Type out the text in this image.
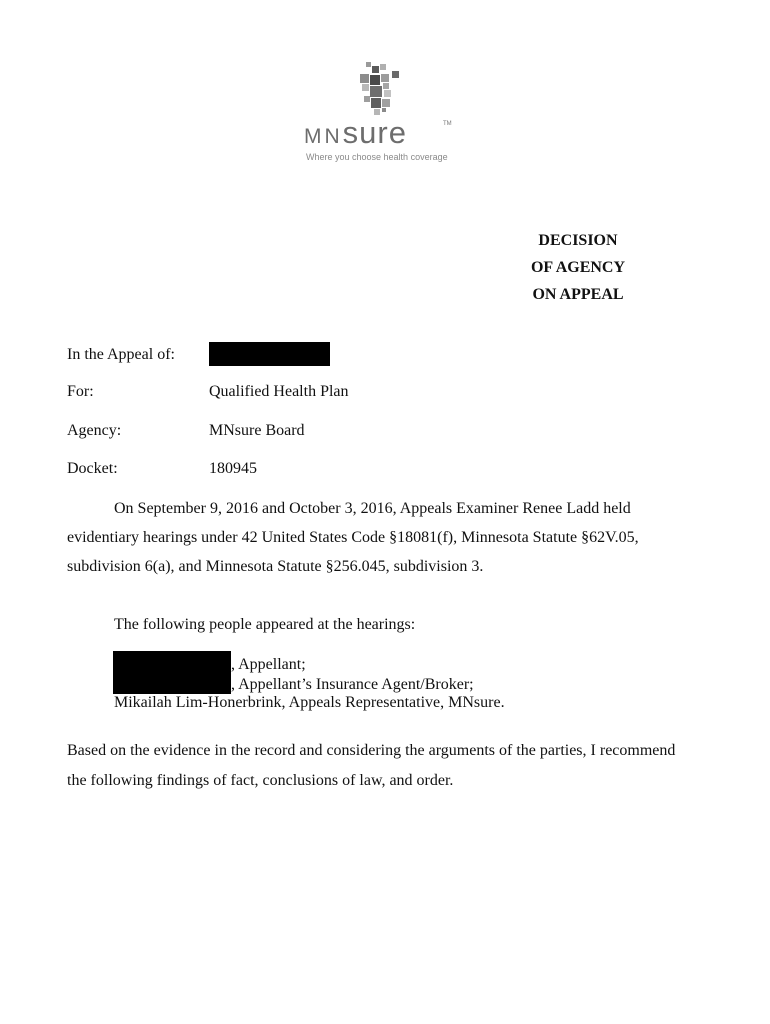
MNsure	TM
Where you choose health coverage
DECISION
OF AGENCY
ON APPEAL
In the Appeal of:
For:	Qualified Health Plan
Agency:	MNsure Board
Docket:	180945
On September 9, 2016 and October 3, 2016, Appeals Examiner Renee Ladd held
evidentiary hearings under 42 United States Code §18081(f), Minnesota Statute §62V.05,
subdivision 6(a), and Minnesota Statute §256.045, subdivision 3.
The following people appeared at the hearings:
, Appellant;
, Appellant’s Insurance Agent/Broker;
Mikailah Lim-Honerbrink, Appeals Representative, MNsure.
Based on the evidence in the record and considering the arguments of the parties, I recommend
the following findings of fact, conclusions of law, and order.
